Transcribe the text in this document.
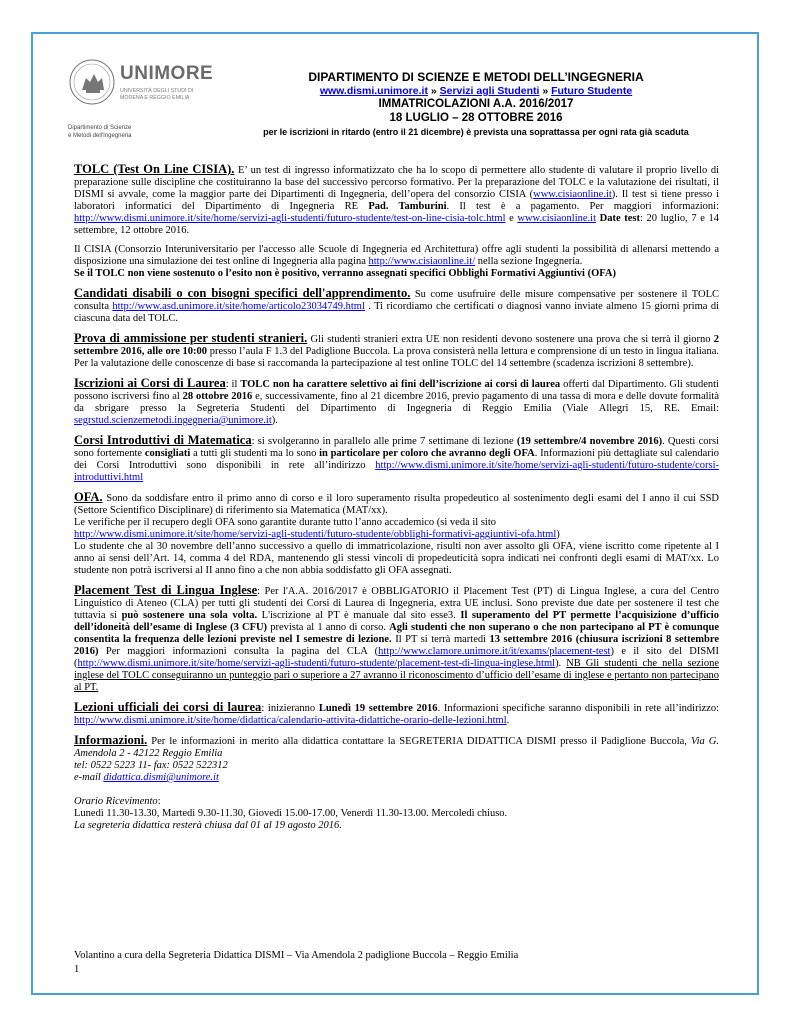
UNIMORE
UNIVERSITÀ DEGLI STUDI DI
MODENA E REGGIO EMILIA
Dipartimento di Scienze
e Metodi dell'Ingegneria
DIPARTIMENTO DI SCIENZE E METODI DELL’INGEGNERIA
www.dismi.unimore.it » Servizi agli Studenti » Futuro Studente
IMMATRICOLAZIONI A.A. 2016/2017
18 LUGLIO – 28 OTTOBRE 2016
per le iscrizioni in ritardo (entro il 21 dicembre) è prevista una soprattassa per ogni rata già scaduta

TOLC (Test On Line CISIA). E’ un test di ingresso informatizzato che ha lo scopo di permettere allo studente di valutare il proprio livello di preparazione sulle discipline che costituiranno la base del successivo percorso formativo. Per la preparazione del TOLC e la valutazione dei risultati, il DISMI si avvale, come la maggior parte dei Dipartimenti di Ingegneria, dell’opera del consorzio CISIA (www.cisiaonline.it). Il test si tiene presso i laboratori informatici del Dipartimento di Ingegneria RE Pad. Tamburini. Il test è a pagamento. Per maggiori informazioni: http://www.dismi.unimore.it/site/home/servizi-agli-studenti/futuro-studente/test-on-line-cisia-tolc.html e www.cisiaonline.it Date test: 20 luglio, 7 e 14 settembre, 12 ottobre 2016.

Il CISIA (Consorzio Interuniversitario per l'accesso alle Scuole di Ingegneria ed Architettura) offre agli studenti la possibilità di allenarsi mettendo a disposizione una simulazione dei test online di Ingegneria alla pagina http://www.cisiaonline.it/ nella sezione Ingegneria.

Se il TOLC non viene sostenuto o l’esito non è positivo, verranno assegnati specifici Obblighi Formativi Aggiuntivi (OFA)

Candidati disabili o con bisogni specifici dell'apprendimento. Su come usufruire delle misure compensative per sostenere il TOLC consulta http://www.asd.unimore.it/site/home/articolo23034749.html . Ti ricordiamo che certificati o diagnosi vanno inviate almeno 15 giorni prima di ciascuna data del TOLC.

Prova di ammissione per studenti stranieri. Gli studenti stranieri extra UE non residenti devono sostenere una prova che si terrà il giorno 2 settembre 2016, alle ore 10:00 presso l’aula F 1.3 del Padiglione Buccola. La prova consisterà nella lettura e comprensione di un testo in lingua italiana. Per la valutazione delle conoscenze di base si raccomanda la partecipazione al test online TOLC del 14 settembre (scadenza iscrizioni 8 settembre).

Iscrizioni ai Corsi di Laurea: il TOLC non ha carattere selettivo ai fini dell’iscrizione ai corsi di laurea offerti dal Dipartimento. Gli studenti possono iscriversi fino al 28 ottobre 2016 e, successivamente, fino al 21 dicembre 2016, previo pagamento di una tassa di mora e delle dovute formalità da sbrigare presso la Segreteria Studenti del Dipartimento di Ingegneria di Reggio Emilia (Viale Allegri 15, RE. Email: segrstud.scienzemetodi.ingegneria@unimore.it).

Corsi Introduttivi di Matematica: si svolgeranno in parallelo alle prime 7 settimane di lezione (19 settembre/4 novembre 2016). Questi corsi sono fortemente consigliati a tutti gli studenti ma lo sono in particolare per coloro che avranno degli OFA. Informazioni più dettagliate sul calendario dei Corsi Introduttivi sono disponibili in rete all’indirizzo http://www.dismi.unimore.it/site/home/servizi-agli-studenti/futuro-studente/corsi-introduttivi.html

OFA. Sono da soddisfare entro il primo anno di corso e il loro superamento risulta propedeutico al sostenimento degli esami del I anno il cui SSD (Settore Scientifico Disciplinare) di riferimento sia Matematica (MAT/xx).

Le verifiche per il recupero degli OFA sono garantite durante tutto l’anno accademico (si veda il sito
http://www.dismi.unimore.it/site/home/servizi-agli-studenti/futuro-studente/obblighi-formativi-aggiuntivi-ofa.html)

Lo studente che al 30 novembre dell’anno successivo a quello di immatricolazione, risulti non aver assolto gli OFA, viene iscritto come ripetente al I anno ai sensi dell’Art. 14, comma 4 del RDA, mantenendo gli stessi vincoli di propedeuticità sopra indicati nei confronti degli esami di MAT/xx. Lo studente non potrà iscriversi al II anno fino a che non abbia soddisfatto gli OFA assegnati.

Placement Test di Lingua Inglese: Per l'A.A. 2016/2017 è OBBLIGATORIO il Placement Test (PT) di Lingua Inglese, a cura del Centro Linguistico di Ateneo (CLA) per tutti gli studenti dei Corsi di Laurea di Ingegneria, extra UE inclusi. Sono previste due date per sostenere il test che tuttavia si può sostenere una sola volta. L'iscrizione al PT è manuale dal sito esse3. Il superamento del PT permette l’acquisizione d’ufficio dell’idoneità dell’esame di Inglese (3 CFU) prevista al 1 anno di corso. Agli studenti che non superano o che non partecipano al PT è comunque consentita la frequenza delle lezioni previste nel I semestre di lezione. Il PT si terrà martedì 13 settembre 2016 (chiusura iscrizioni 8 settembre 2016) Per maggiori informazioni consulta la pagina del CLA (http://www.clamore.unimore.it/it/exams/placement-test) e il sito del DISMI (http://www.dismi.unimore.it/site/home/servizi-agli-studenti/futuro-studente/placement-test-di-lingua-inglese.html). NB Gli studenti che nella sezione inglese del TOLC conseguiranno un punteggio pari o superiore a 27 avranno il riconoscimento d’ufficio dell’esame di inglese e pertanto non partecipano al PT.

Lezioni ufficiali dei corsi di laurea: inizieranno Lunedì 19 settembre 2016. Informazioni specifiche saranno disponibili in rete all’indirizzo: http://www.dismi.unimore.it/site/home/didattica/calendario-attivita-didattiche-orario-delle-lezioni.html.

Informazioni. Per le informazioni in merito alla didattica contattare la SEGRETERIA DIDATTICA DISMI presso il Padiglione Buccola, Via G. Amendola 2 - 42122 Reggio Emilia

tel: 0522 5223 11- fax: 0522 522312

e-mail didattica.dismi@unimore.it

Orario Ricevimento:

Lunedì 11.30-13.30, Martedì 9.30-11.30, Giovedì 15.00-17.00, Venerdì 11.30-13.00. Mercoledì chiuso.

La segreteria didattica resterà chiusa dal 01 al 19 agosto 2016.

Volantino a cura della Segreteria Didattica DISMI – Via Amendola 2 padiglione Buccola – Reggio Emilia
1
